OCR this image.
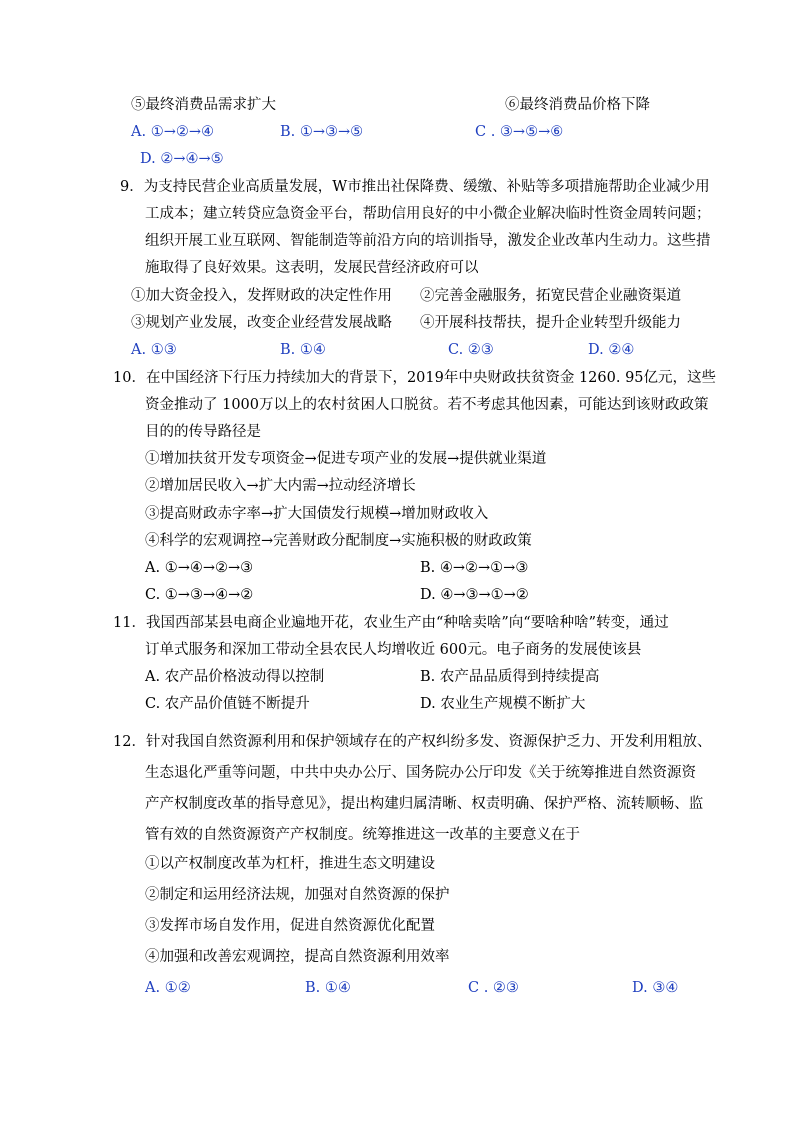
⑤最终消费品需求扩大	⑥最终消费品价格下降
A. ①→②→④	B. ①→③→⑤	C . ③→⑤→⑥
D. ②→④→⑤
9．为支持民营企业高质量发展，W市推出社保降费、缓缴、补贴等多项措施帮助企业减少用
工成本；建立转贷应急资金平台，帮助信用良好的中小微企业解决临时性资金周转问题；
组织开展工业互联网、智能制造等前沿方向的培训指导，激发企业改革内生动力。这些措
施取得了良好效果。这表明，发展民营经济政府可以
①加大资金投入，发挥财政的决定性作用 ②完善金融服务，拓宽民营企业融资渠道
③规划产业发展，改变企业经营发展战略 ④开展科技帮扶，提升企业转型升级能力
A. ①③	B. ①④	C. ②③	D. ②④
10．在中国经济下行压力持续加大的背景下，2019年中央财政扶贫资金 1260. 95亿元，这些
资金推动了 1000万以上的农村贫困人口脱贫。若不考虑其他因素，可能达到该财政政策
目的的传导路径是
①增加扶贫开发专项资金→促进专项产业的发展→提供就业渠道
②增加居民收入→扩大内需→拉动经济增长
③提高财政赤字率→扩大国债发行规模→增加财政收入
④科学的宏观调控→完善财政分配制度→实施积极的财政政策
A. ①→④→②→③	B. ④→②→①→③
C. ①→③→④→②	D. ④→③→①→②
11．我国西部某县电商企业遍地开花，农业生产由“种啥卖啥”向“要啥种啥”转变，通过
订单式服务和深加工带动全县农民人均增收近 600元。电子商务的发展使该县
A. 农产品价格波动得以控制	B. 农产品品质得到持续提高
C. 农产品价值链不断提升	D. 农业生产规模不断扩大
12．针对我国自然资源利用和保护领域存在的产权纠纷多发、资源保护乏力、开发利用粗放、
生态退化严重等问题，中共中央办公厅、国务院办公厅印发《关于统筹推进自然资源资
产产权制度改革的指导意见》，提出构建归属清晰、权责明确、保护严格、流转顺畅、监
管有效的自然资源资产产权制度。统筹推进这一改革的主要意义在于
①以产权制度改革为杠杆，推进生态文明建设
②制定和运用经济法规，加强对自然资源的保护
③发挥市场自发作用，促进自然资源优化配置
④加强和改善宏观调控，提高自然资源利用效率
A. ①②	B. ①④	C . ②③	D. ③④
